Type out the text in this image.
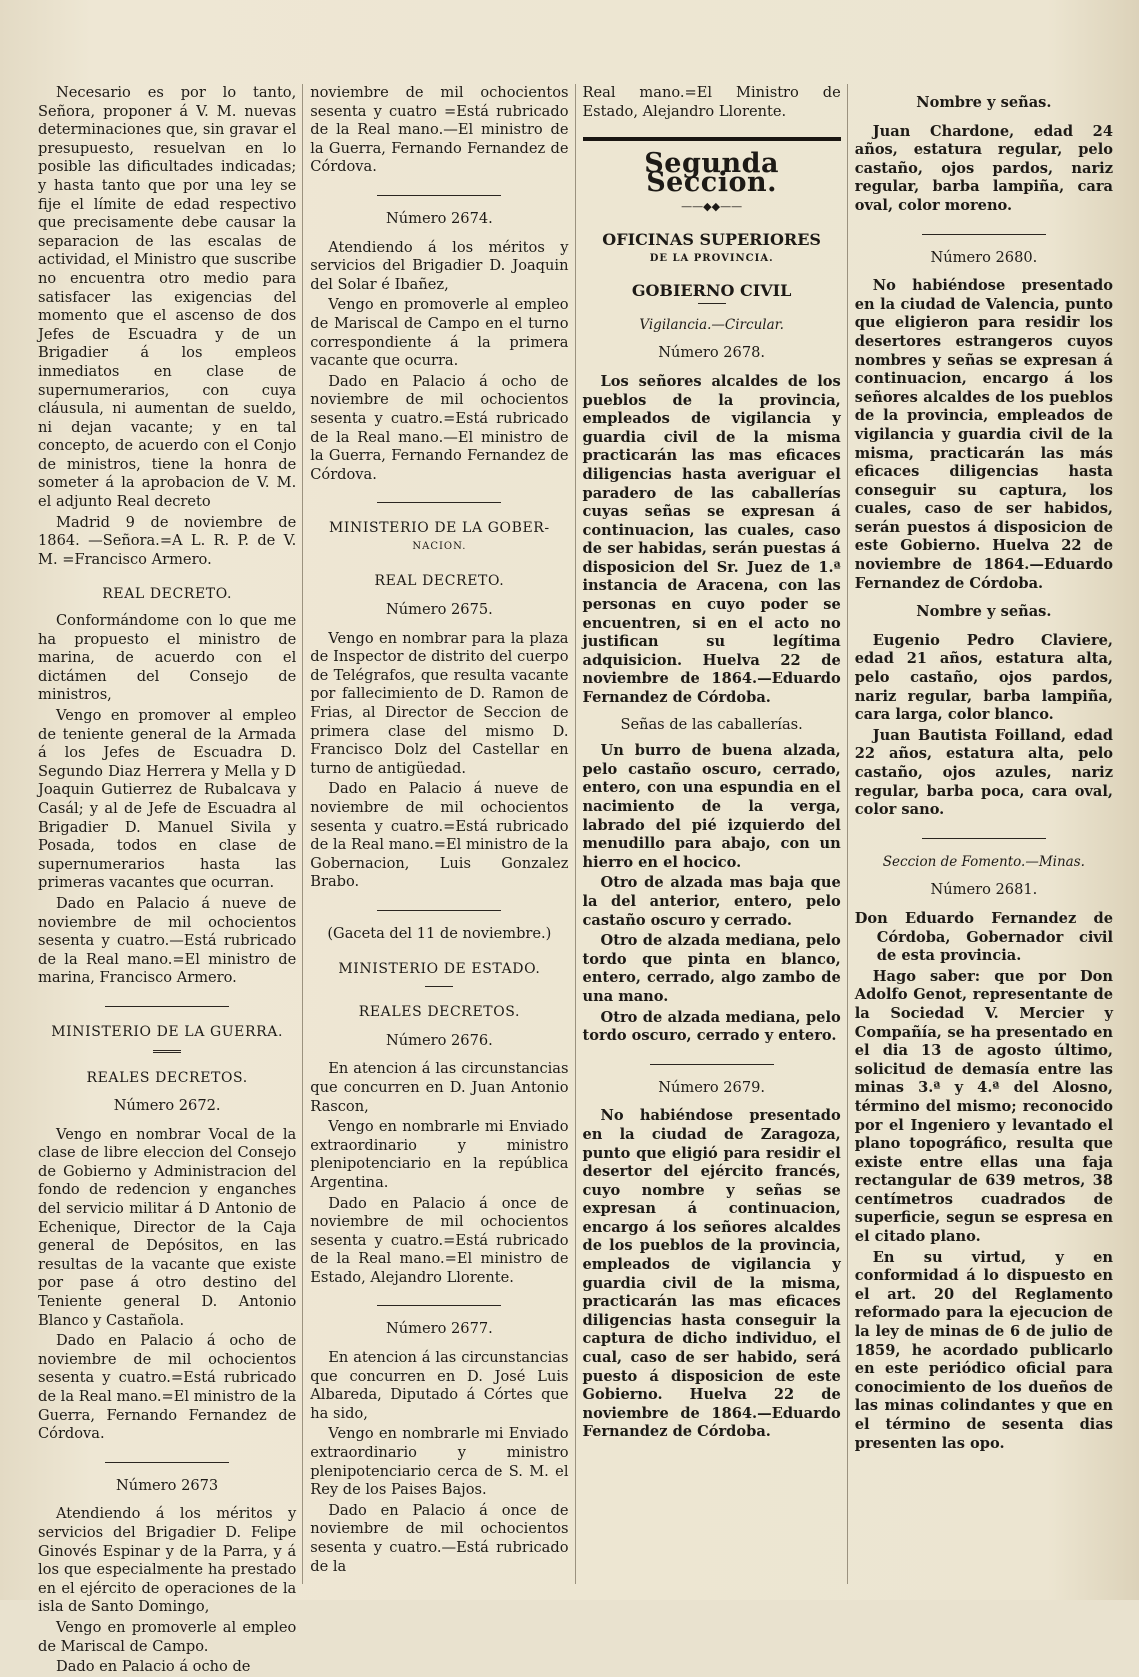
Necesario es por lo tanto, Señora, proponer á V. M. nuevas determinaciones que, sin gravar el presupuesto, resuelvan en lo posible las dificultades indicadas; y hasta tanto que por una ley se fije el límite de edad respectivo que precisamente debe causar la separacion de las escalas de actividad, el Ministro que suscribe no encuentra otro medio para satisfacer las exigencias del momento que el ascenso de dos Jefes de Escuadra y de un Brigadier á los empleos inmediatos en clase de supernumerarios, con cuya cláusula, ni aumentan de sueldo, ni dejan vacante; y en tal concepto, de acuerdo con el Conjo de ministros, tiene la honra de someter á la aprobacion de V. M. el adjunto Real decreto

Madrid 9 de noviembre de 1864. —Señora.=A L. R. P. de V. M. =Francisco Armero.

REAL DECRETO.

Conformándome con lo que me ha propuesto el ministro de marina, de acuerdo con el dictámen del Consejo de ministros,

Vengo en promover al empleo de teniente general de la Armada á los Jefes de Escuadra D. Segundo Diaz Herrera y Mella y D Joaquin Gutierrez de Rubalcava y Casál; y al de Jefe de Escuadra al Brigadier D. Manuel Sivila y Posada, todos en clase de supernumerarios hasta las primeras vacantes que ocurran.

Dado en Palacio á nueve de noviembre de mil ochocientos sesenta y cuatro.—Está rubricado de la Real mano.=El ministro de marina, Francisco Armero.

MINISTERIO DE LA GUERRA.
REALES DECRETOS.
Número 2672.

Vengo en nombrar Vocal de la clase de libre eleccion del Consejo de Gobierno y Administracion del fondo de redencion y enganches del servicio militar á D Antonio de Echenique, Director de la Caja general de Depósitos, en las resultas de la vacante que existe por pase á otro destino del Teniente general D. Antonio Blanco y Castañola.

Dado en Palacio á ocho de noviembre de mil ochocientos sesenta y cuatro.=Está rubricado de la Real mano.=El ministro de la Guerra, Fernando Fernandez de Córdova.

Número 2673

Atendiendo á los méritos y servicios del Brigadier D. Felipe Ginovés Espinar y de la Parra, y á los que especialmente ha prestado en el ejército de operaciones de la isla de Santo Domingo,

Vengo en promoverle al empleo de Mariscal de Campo.

Dado en Palacio á ocho de

noviembre de mil ochocientos sesenta y cuatro =Está rubricado de la Real mano.—El ministro de la Guerra, Fernando Fernandez de Córdova.

Número 2674.

Atendiendo á los méritos y servicios del Brigadier D. Joaquin del Solar é Ibañez,

Vengo en promoverle al empleo de Mariscal de Campo en el turno correspondiente á la primera vacante que ocurra.

Dado en Palacio á ocho de noviembre de mil ochocientos sesenta y cuatro.=Está rubricado de la Real mano.—El ministro de la Guerra, Fernando Fernandez de Córdova.

MINISTERIO DE LA GOBER-
NACION.
REAL DECRETO.
Número 2675.

Vengo en nombrar para la plaza de Inspector de distrito del cuerpo de Telégrafos, que resulta vacante por fallecimiento de D. Ramon de Frias, al Director de Seccion de primera clase del mismo D. Francisco Dolz del Castellar en turno de antigüedad.

Dado en Palacio á nueve de noviembre de mil ochocientos sesenta y cuatro.=Está rubricado de la Real mano.=El ministro de la Gobernacion, Luis Gonzalez Brabo.

(Gaceta del 11 de noviembre.)
MINISTERIO DE ESTADO.
REALES DECRETOS.
Número 2676.

En atencion á las circunstancias que concurren en D. Juan Antonio Rascon,

Vengo en nombrarle mi Enviado extraordinario y ministro plenipotenciario en la república Argentina.

Dado en Palacio á once de noviembre de mil ochocientos sesenta y cuatro.=Está rubricado de la Real mano.=El ministro de Estado, Alejandro Llorente.

Número 2677.

En atencion á las circunstancias que concurren en D. José Luis Albareda, Diputado á Córtes que ha sido,

Vengo en nombrarle mi Enviado extraordinario y ministro plenipotenciario cerca de S. M. el Rey de los Paises Bajos.

Dado en Palacio á once de noviembre de mil ochocientos sesenta y cuatro.—Está rubricado de la

Real mano.=El Ministro de Estado, Alejandro Llorente.

Segunda Seccion.
——◆◆——
OFICINAS SUPERIORES
DE LA PROVINCIA.
GOBIERNO CIVIL
Vigilancia.—Circular.
Número 2678.

Los señores alcaldes de los pueblos de la provincia, empleados de vigilancia y guardia civil de la misma practicarán las mas eficaces diligencias hasta averiguar el paradero de las caballerías cuyas señas se expresan á continuacion, las cuales, caso de ser habidas, serán puestas á disposicion del Sr. Juez de 1.ª instancia de Aracena, con las personas en cuyo poder se encuentren, si en el acto no justifican su legítima adquisicion. Huelva 22 de noviembre de 1864.—Eduardo Fernandez de Córdoba.

Señas de las caballerías.

Un burro de buena alzada, pelo castaño oscuro, cerrado, entero, con una espundia en el nacimiento de la verga, labrado del pié izquierdo del menudillo para abajo, con un hierro en el hocico.

Otro de alzada mas baja que la del anterior, entero, pelo castaño oscuro y cerrado.

Otro de alzada mediana, pelo tordo que pinta en blanco, entero, cerrado, algo zambo de una mano.

Otro de alzada mediana, pelo tordo oscuro, cerrado y entero.

Número 2679.

No habiéndose presentado en la ciudad de Zaragoza, punto que eligió para residir el desertor del ejército francés, cuyo nombre y señas se expresan á continuacion, encargo á los señores alcaldes de los pueblos de la provincia, empleados de vigilancia y guardia civil de la misma, practicarán las mas eficaces diligencias hasta conseguir la captura de dicho individuo, el cual, caso de ser habido, será puesto á disposicion de este Gobierno. Huelva 22 de noviembre de 1864.—Eduardo Fernandez de Córdoba.

Nombre y señas.

Juan Chardone, edad 24 años, estatura regular, pelo castaño, ojos pardos, nariz regular, barba lampiña, cara oval, color moreno.

Número 2680.

No habiéndose presentado en la ciudad de Valencia, punto que eligieron para residir los desertores estrangeros cuyos nombres y señas se expresan á continuacion, encargo á los señores alcaldes de los pueblos de la provincia, empleados de vigilancia y guardia civil de la misma, practicarán las más eficaces diligencias hasta conseguir su captura, los cuales, caso de ser habidos, serán puestos á disposicion de este Gobierno. Huelva 22 de noviembre de 1864.—Eduardo Fernandez de Córdoba.

Nombre y señas.

Eugenio Pedro Claviere, edad 21 años, estatura alta, pelo castaño, ojos pardos, nariz regular, barba lampiña, cara larga, color blanco.

Juan Bautista Foilland, edad 22 años, estatura alta, pelo castaño, ojos azules, nariz regular, barba poca, cara oval, color sano.

Seccion de Fomento.—Minas.
Número 2681.

Don Eduardo Fernandez de Córdoba, Gobernador civil de esta provincia.

Hago saber: que por Don Adolfo Genot, representante de la Sociedad V. Mercier y Compañía, se ha presentado en el dia 13 de agosto último, solicitud de demasía entre las minas 3.ª y 4.ª del Alosno, término del mismo; reconocido por el Ingeniero y levantado el plano topográfico, resulta que existe entre ellas una faja rectangular de 639 metros, 38 centímetros cuadrados de superficie, segun se espresa en el citado plano.

En su virtud, y en conformidad á lo dispuesto en el art. 20 del Reglamento reformado para la ejecucion de la ley de minas de 6 de julio de 1859, he acordado publicarlo en este periódico oficial para conocimiento de los dueños de las minas colindantes y que en el término de sesenta dias presenten las opo.
